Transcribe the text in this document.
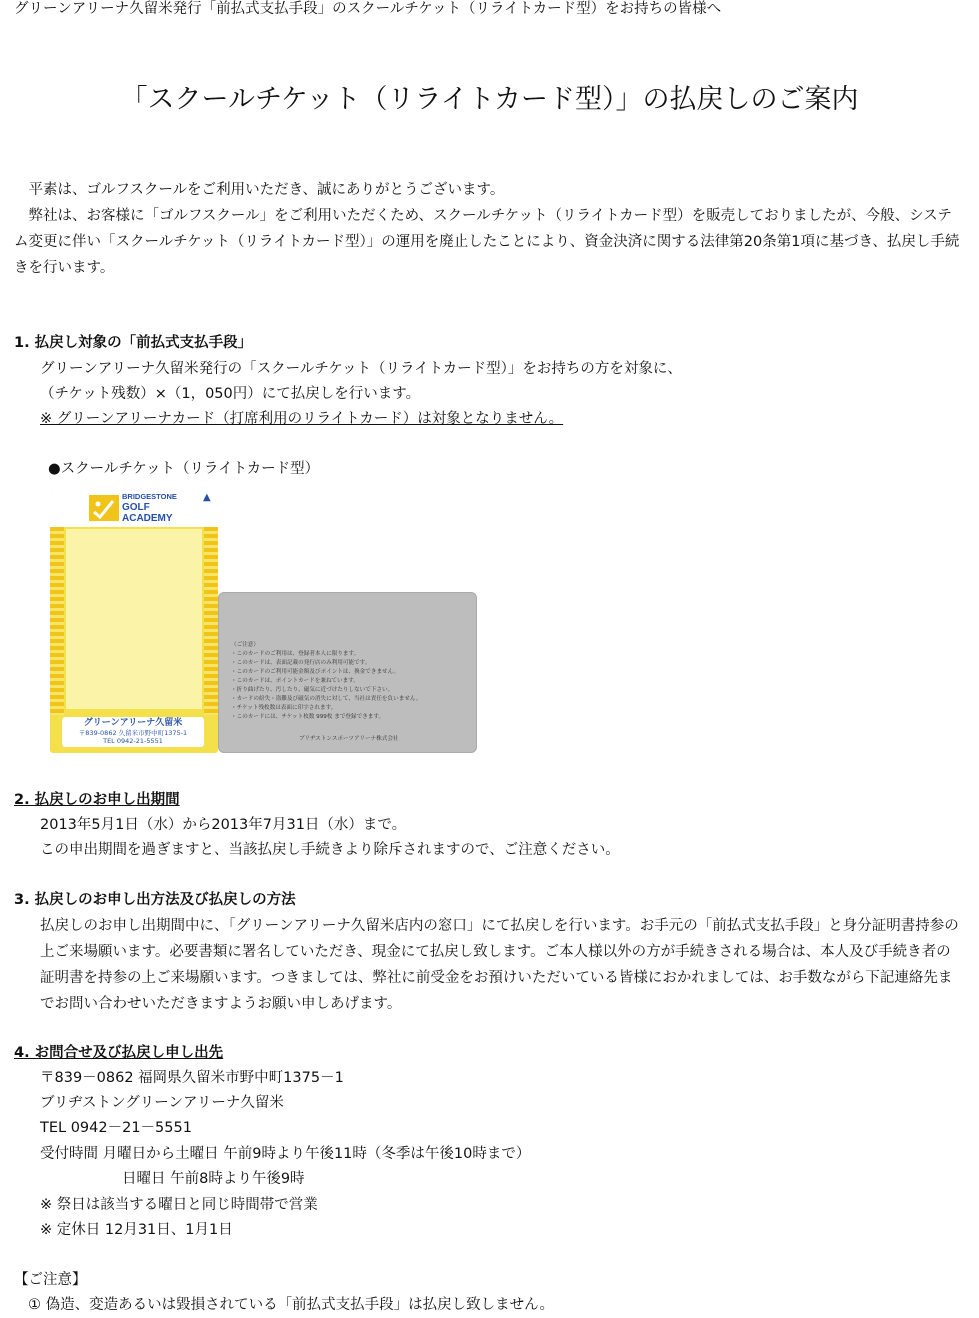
グリーンアリーナ久留米発行「前払式支払手段」のスクールチケット（リライトカード型）をお持ちの皆様へ
「スクールチケット（リライトカード型）」の払戻しのご案内
　平素は、ゴルフスクールをご利用いただき、誠にありがとうございます。
　弊社は、お客様に「ゴルフスクール」をご利用いただくため、スクールチケット（リライトカード型）を販売しておりましたが、今般、システム変更に伴い「スクールチケット（リライトカード型）」の運用を廃止したことにより、資金決済に関する法律第20条第1項に基づき、払戻し手続きを行います。
1. 払戻し対象の「前払式支払手段」
グリーンアリーナ久留米発行の「スクールチケット（リライトカード型）」をお持ちの方を対象に、
（チケット残数）×（1，050円）にて払戻しを行います。
※ グリーンアリーナカード（打席利用のリライトカード）は対象となりません。
●スクールチケット（リライトカード型）
BRIDGESTONE
GOLF
ACADEMY
▲
グリーンアリーナ久留米
〒839-0862 久留米市野中町1375-1
TEL 0942-21-5551
（ご注意）
・このカードのご利用は、登録者本人に限ります。
・このカードは、表面記載の発行店のみ利用可能です。
・このカードのご利用可能金額及びポイントは、換金できません。
・このカードは、ポイントカードを兼ねています。
・折り曲げたり、汚したり、磁気に近づけたりしないで下さい。
・カードの紛失・盗難及び磁気の消失に対して、当社は責任を負いません。
・チケット残枚数は表面に印字されます。
・このカードには、チケット枚数 999枚 まで登録できます。
ブリヂストンスポーツアリーナ株式会社
2. 払戻しのお申し出期間
2013年5月1日（水）から2013年7月31日（水）まで。
この申出期間を過ぎますと、当該払戻し手続きより除斥されますので、ご注意ください。
3. 払戻しのお申し出方法及び払戻しの方法
払戻しのお申し出期間中に、「グリーンアリーナ久留米店内の窓口」にて払戻しを行います。お手元の「前払式支払手段」と身分証明書持参の上ご来場願います。必要書類に署名していただき、現金にて払戻し致します。ご本人様以外の方が手続きされる場合は、本人及び手続き者の証明書を持参の上ご来場願います。つきましては、弊社に前受金をお預けいただいている皆様におかれましては、お手数ながら下記連絡先までお問い合わせいただきますようお願い申しあげます。
4. お問合せ及び払戻し申し出先
〒839－0862 福岡県久留米市野中町1375－1
ブリヂストングリーンアリーナ久留米
TEL 0942－21－5551
受付時間 月曜日から土曜日 午前9時より午後11時（冬季は午後10時まで）
日曜日 午前8時より午後9時
※ 祭日は該当する曜日と同じ時間帯で営業
※ 定休日 12月31日、1月1日
【ご注意】
① 偽造、変造あるいは毀損されている「前払式支払手段」は払戻し致しません。
